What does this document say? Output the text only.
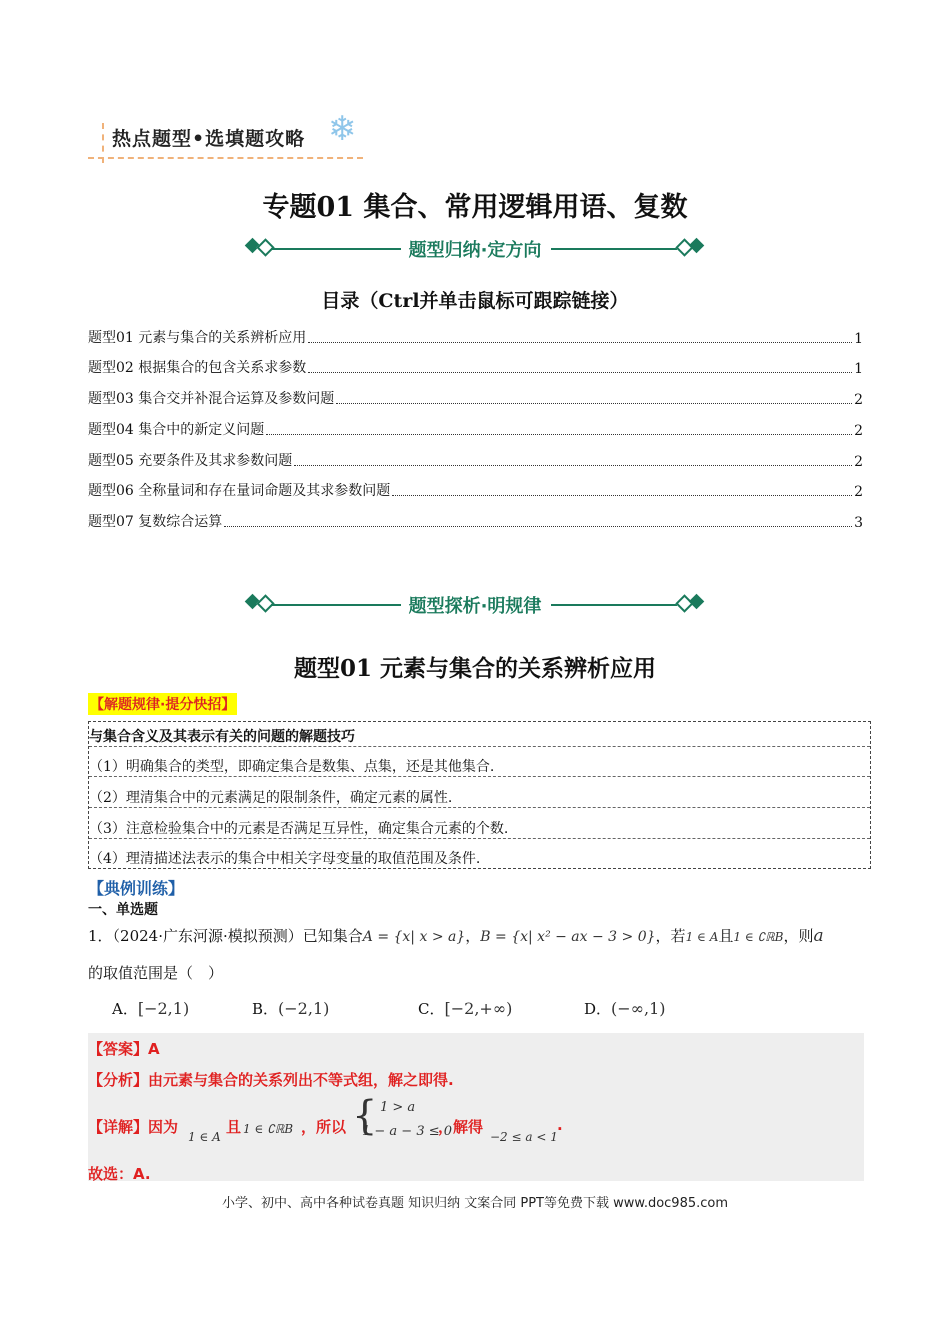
热点题型•选填题攻略 ❄
专题01 集合、常用逻辑用语、复数
题型归纳·定方向
目录（Ctrl并单击鼠标可跟踪链接）
题型01 元素与集合的关系辨析应用	1
题型02 根据集合的包含关系求参数	1
题型03 集合交并补混合运算及参数问题	2
题型04 集合中的新定义问题	2
题型05 充要条件及其求参数问题	2
题型06 全称量词和存在量词命题及其求参数问题	2
题型07 复数综合运算	3
题型探析·明规律
题型01 元素与集合的关系辨析应用
【解题规律·提分快招】
与集合含义及其表示有关的问题的解题技巧
（1）明确集合的类型，即确定集合是数集、点集，还是其他集合.
（2）理清集合中的元素满足的限制条件，确定元素的属性.
（3）注意检验集合中的元素是否满足互异性，确定集合元素的个数.
（4）理清描述法表示的集合中相关字母变量的取值范围及条件.
【典例训练】
一、单选题
1．（2024·广东河源·模拟预测）已知集合A = {x| x > a}，B = {x| x² − ax − 3 > 0}，若1 ∈ A且1 ∈ ∁ℝB，则a
的取值范围是（　）
A．[−2,1)	B．(−2,1)	C．[−2,+∞)	D．(−∞,1)
【答案】A
【分析】由元素与集合的关系列出不等式组，解之即得.
【详解】因为
1 ∈ A
且 1 ∈ ∁ℝB ，所以 { 1 > a
1 − a − 3 ≤ 0
，解得
−2 ≤ a < 1
.
故选：A.
小学、初中、高中各种试卷真题 知识归纳 文案合同 PPT等免费下载 www.doc985.com
